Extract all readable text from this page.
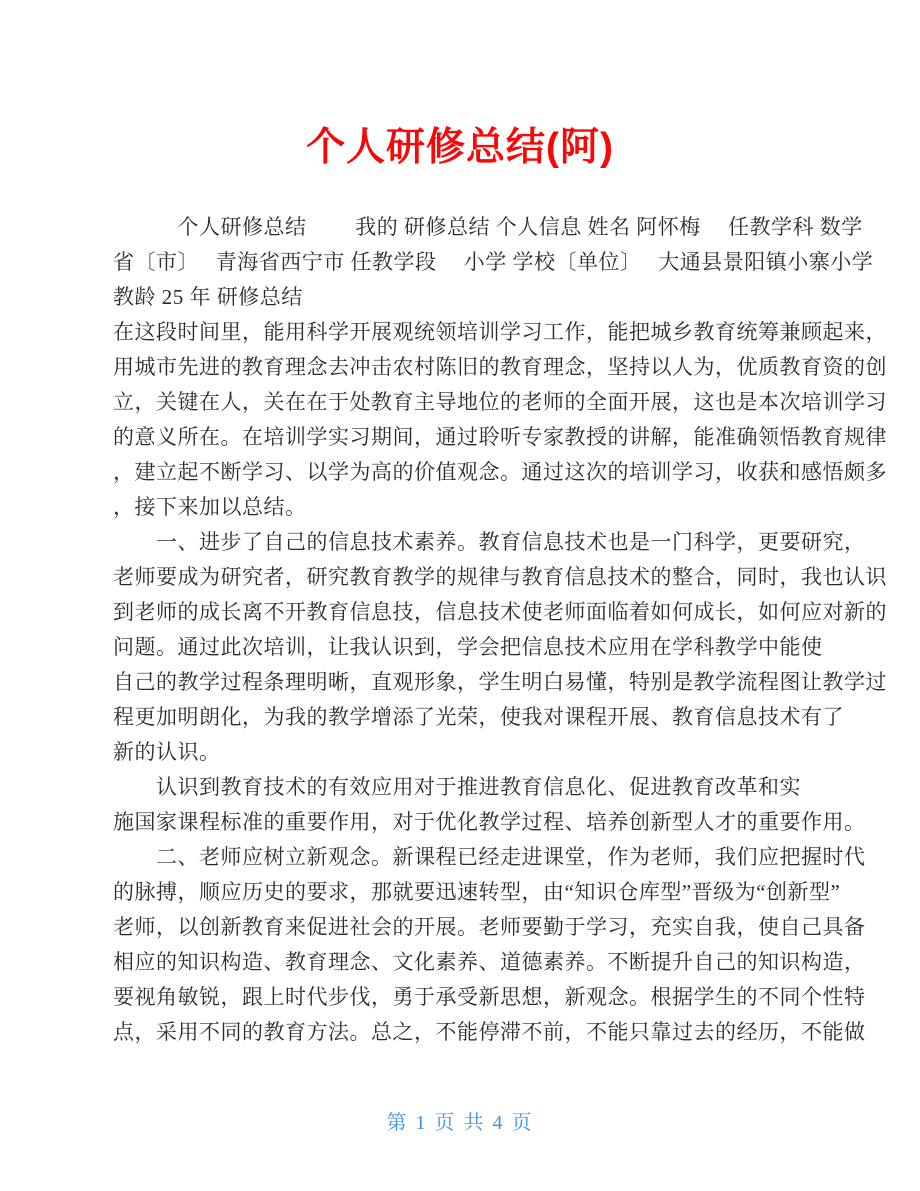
个人研修总结(阿)
　　　个人研修总结　　 我的 研修总结 个人信息 姓名 阿怀梅　 任教学科 数学
省〔市〕　 青海省西宁市 任教学段　 小学 学校〔单位〕　 大通县景阳镇小寨小学
教龄 25 年 研修总结
在这段时间里，能用科学开展观统领培训学习工作，能把城乡教育统筹兼顾起来，
用城市先进的教育理念去冲击农村陈旧的教育理念，坚持以人为，优质教育资的创
立，关键在人，关在在于处教育主导地位的老师的全面开展，这也是本次培训学习
的意义所在。在培训学实习期间，通过聆听专家教授的讲解，能准确领悟教育规律
，建立起不断学习、以学为高的价值观念。通过这次的培训学习，收获和感悟颇多
，接下来加以总结。
　　一、进步了自己的信息技术素养。教育信息技术也是一门科学，更要研究，
老师要成为研究者，研究教育教学的规律与教育信息技术的整合，同时，我也认识
到老师的成长离不开教育信息技，信息技术使老师面临着如何成长，如何应对新的
问题。通过此次培训，让我认识到，学会把信息技术应用在学科教学中能使
自己的教学过程条理明晰，直观形象，学生明白易懂，特别是教学流程图让教学过
程更加明朗化，为我的教学增添了光荣，使我对课程开展、教育信息技术有了
新的认识。
　　认识到教育技术的有效应用对于推进教育信息化、促进教育改革和实
施国家课程标准的重要作用，对于优化教学过程、培养创新型人才的重要作用。
　　二、老师应树立新观念。新课程已经走进课堂，作为老师，我们应把握时代
的脉搏，顺应历史的要求，那就要迅速转型，由“知识仓库型”晋级为“创新型”
老师，以创新教育来促进社会的开展。老师要勤于学习，充实自我，使自己具备
相应的知识构造、教育理念、文化素养、道德素养。不断提升自己的知识构造，
要视角敏锐，跟上时代步伐，勇于承受新思想，新观念。根据学生的不同个性特
点，采用不同的教育方法。总之，不能停滞不前，不能只靠过去的经历，不能做
第 1 页 共 4 页
